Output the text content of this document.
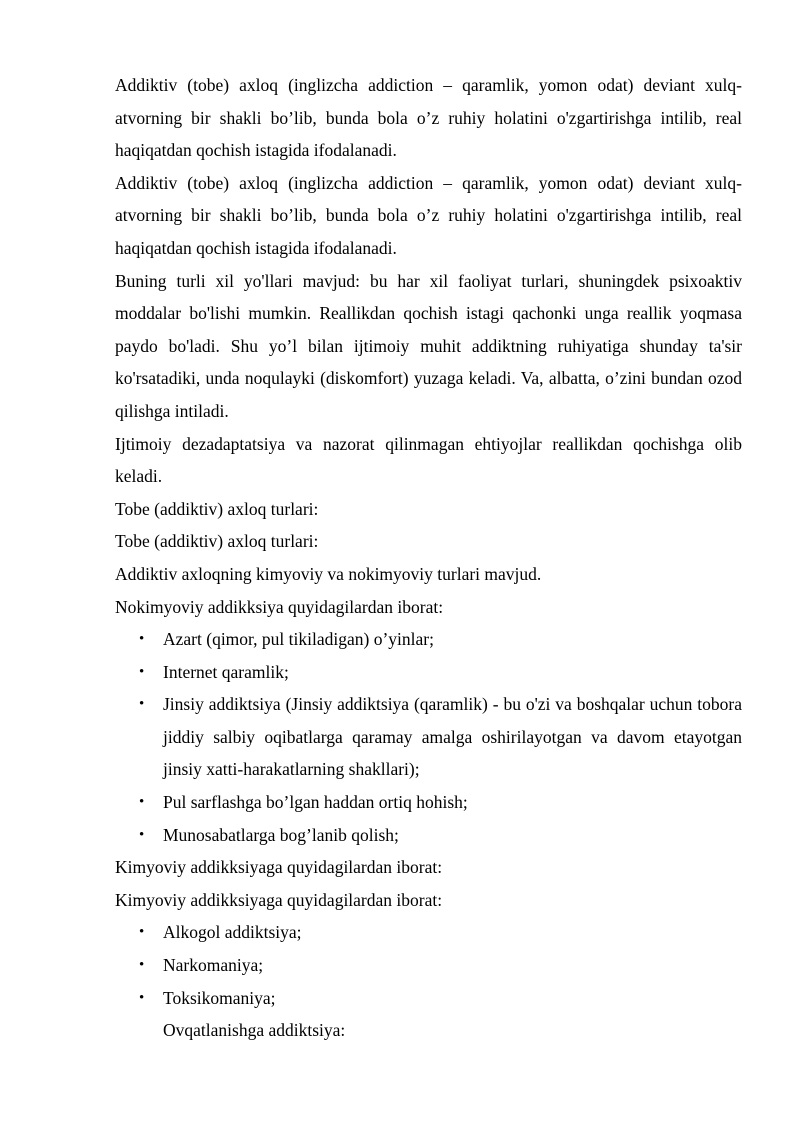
Addiktiv (tobe) axloq (inglizcha addiction – qaramlik, yomon odat) deviant xulq-atvorning bir shakli bo’lib, bunda bola o’z ruhiy holatini o'zgartirishga intilib, real haqiqatdan qochish istagida ifodalanadi.

Addiktiv (tobe) axloq (inglizcha addiction – qaramlik, yomon odat) deviant xulq-atvorning bir shakli bo’lib, bunda bola o’z ruhiy holatini o'zgartirishga intilib, real haqiqatdan qochish istagida ifodalanadi.

Buning turli xil yo'llari mavjud: bu har xil faoliyat turlari, shuningdek psixoaktiv moddalar bo'lishi mumkin. Reallikdan qochish istagi qachonki unga reallik yoqmasa paydo bo'ladi. Shu yo’l bilan ijtimoiy muhit addiktning ruhiyatiga shunday ta'sir ko'rsatadiki, unda noqulayki (diskomfort) yuzaga keladi. Va, albatta, o’zini bundan ozod qilishga intiladi.

Ijtimoiy dezadaptatsiya va nazorat qilinmagan ehtiyojlar reallikdan qochishga olib keladi.

Tobe (addiktiv) axloq turlari:

Tobe (addiktiv) axloq turlari:

Addiktiv axloqning kimyoviy va nokimyoviy turlari mavjud.

Nokimyoviy addikksiya quyidagilardan iborat:

• Azart (qimor, pul tikiladigan) o’yinlar;
• Internet qaramlik;
• Jinsiy addiktsiya (Jinsiy addiktsiya (qaramlik) - bu o'zi va boshqalar uchun tobora jiddiy salbiy oqibatlarga qaramay amalga oshirilayotgan va davom etayotgan jinsiy xatti-harakatlarning shakllari);
• Pul sarflashga bo’lgan haddan ortiq hohish;
• Munosabatlarga bog’lanib qolish;

Kimyoviy addikksiyaga quyidagilardan iborat:

Kimyoviy addikksiyaga quyidagilardan iborat:

• Alkogol addiktsiya;
• Narkomaniya;
• Toksikomaniya;

Ovqatlanishga addiktsiya:
